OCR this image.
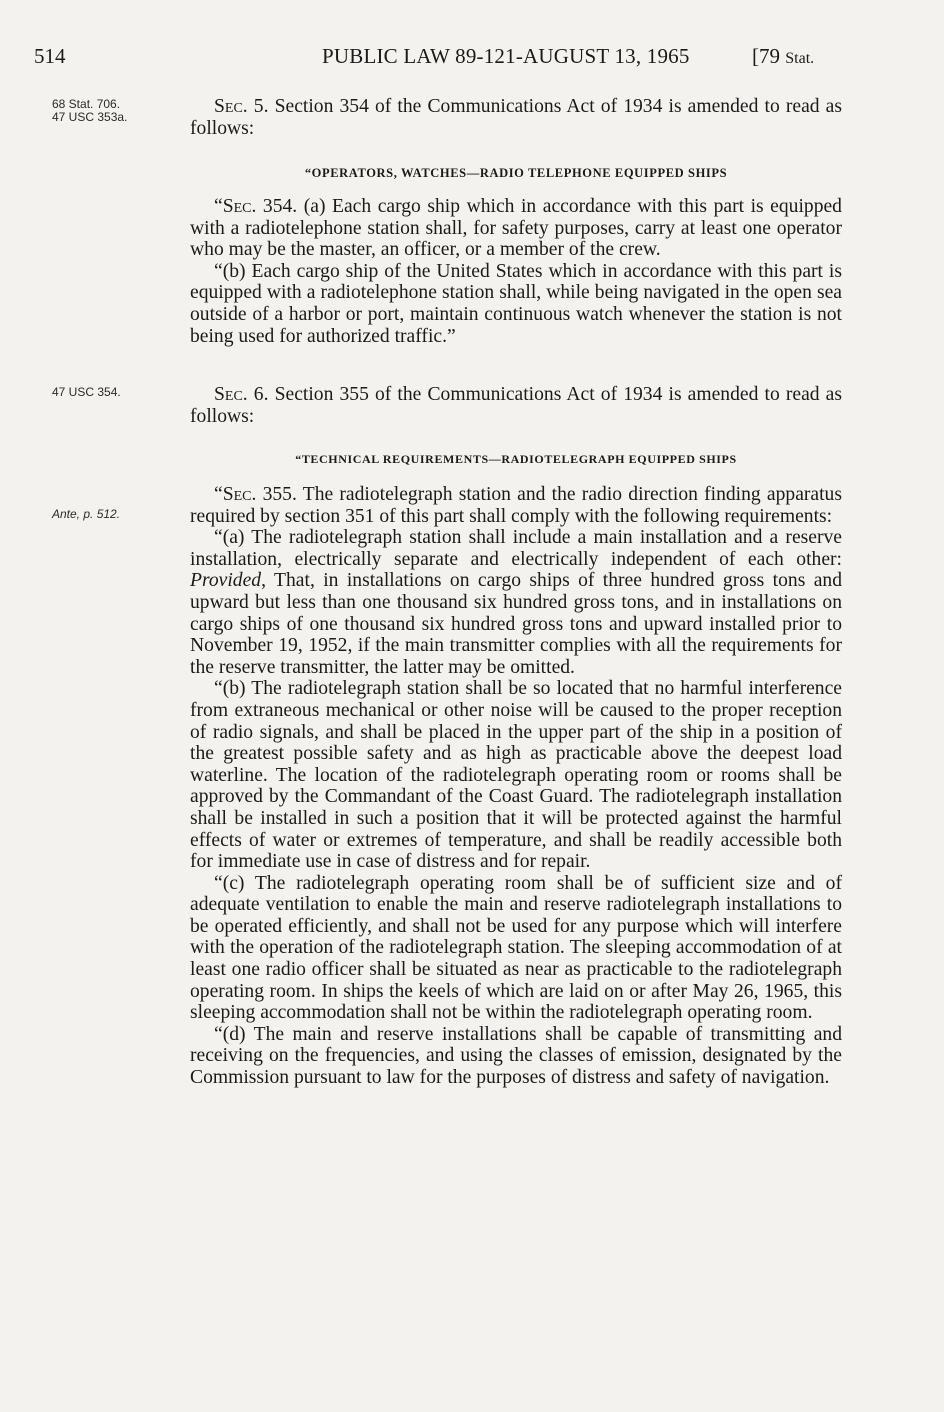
514	PUBLIC LAW 89-121-AUGUST 13, 1965	[79 Stat.
68 Stat. 706.
47 USC 353a.	Sec. 5. Section 354 of the Communications Act of 1934 is amended to read as follows:

“OPERATORS, WATCHES—RADIO TELEPHONE EQUIPPED SHIPS

“Sec. 354. (a) Each cargo ship which in accordance with this part is equipped with a radiotelephone station shall, for safety purposes, carry at least one operator who may be the master, an officer, or a member of the crew.

“(b) Each cargo ship of the United States which in accordance with this part is equipped with a radiotelephone station shall, while being navigated in the open sea outside of a harbor or port, maintain continuous watch whenever the station is not being used for authorized traffic.”

47 USC 354.	Sec. 6. Section 355 of the Communications Act of 1934 is amended to read as follows:

“TECHNICAL REQUIREMENTS—RADIOTELEGRAPH EQUIPPED SHIPS
Ante, p. 512.

“Sec. 355. The radiotelegraph station and the radio direction finding apparatus required by section 351 of this part shall comply with the following requirements:

“(a) The radiotelegraph station shall include a main installation and a reserve installation, electrically separate and electrically independent of each other: Provided, That, in installations on cargo ships of three hundred gross tons and upward but less than one thousand six hundred gross tons, and in installations on cargo ships of one thousand six hundred gross tons and upward installed prior to November 19, 1952, if the main transmitter complies with all the requirements for the reserve transmitter, the latter may be omitted.

“(b) The radiotelegraph station shall be so located that no harmful interference from extraneous mechanical or other noise will be caused to the proper reception of radio signals, and shall be placed in the upper part of the ship in a position of the greatest possible safety and as high as practicable above the deepest load waterline. The location of the radiotelegraph operating room or rooms shall be approved by the Commandant of the Coast Guard. The radiotelegraph installation shall be installed in such a position that it will be protected against the harmful effects of water or extremes of temperature, and shall be readily accessible both for immediate use in case of distress and for repair.

“(c) The radiotelegraph operating room shall be of sufficient size and of adequate ventilation to enable the main and reserve radiotelegraph installations to be operated efficiently, and shall not be used for any purpose which will interfere with the operation of the radiotelegraph station. The sleeping accommodation of at least one radio officer shall be situated as near as practicable to the radiotelegraph operating room. In ships the keels of which are laid on or after May 26, 1965, this sleeping accommodation shall not be within the radiotelegraph operating room.

“(d) The main and reserve installations shall be capable of transmitting and receiving on the frequencies, and using the classes of emission, designated by the Commission pursuant to law for the purposes of distress and safety of navigation.
